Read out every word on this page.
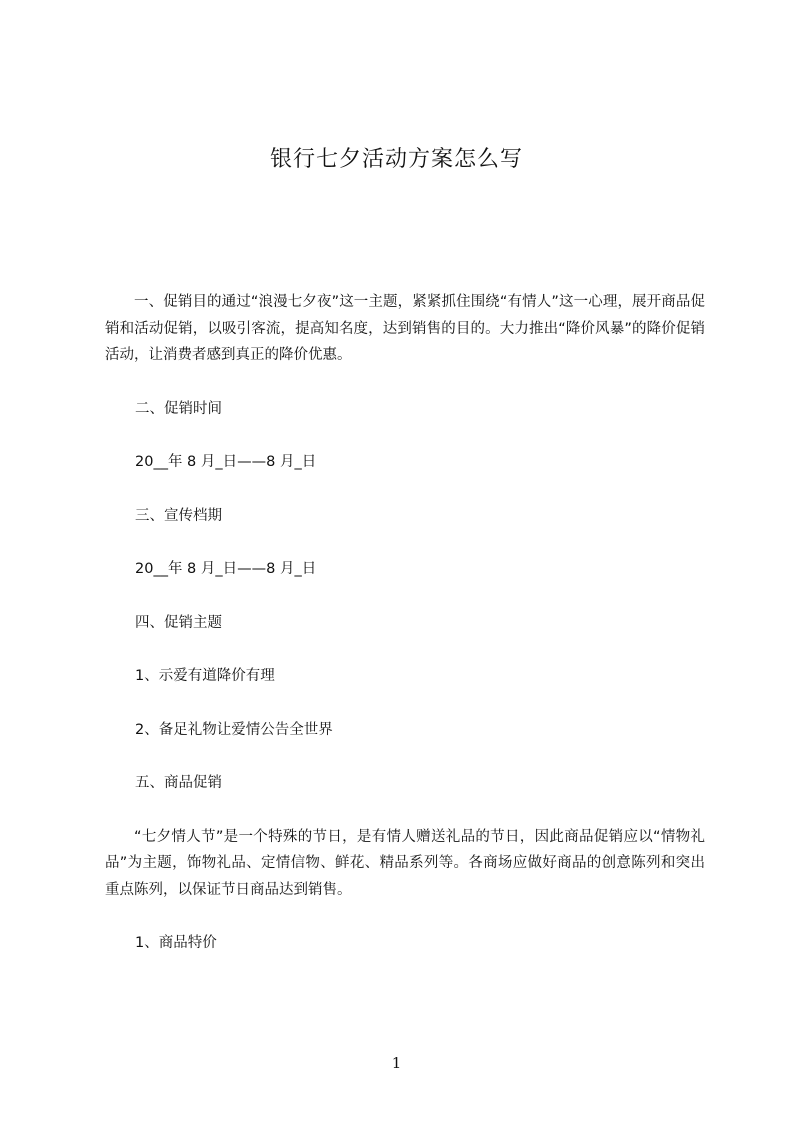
银行七夕活动方案怎么写

一、促销目的通过“浪漫七夕夜”这一主题，紧紧抓住围绕“有情人”这一心理，展开商品促销和活动促销，以吸引客流，提高知名度，达到销售的目的。大力推出“降价风暴”的降价促销活动，让消费者感到真正的降价优惠。

二、促销时间

20__年 8 月_日——8 月_日

三、宣传档期

20__年 8 月_日——8 月_日

四、促销主题

1、示爱有道降价有理

2、备足礼物让爱情公告全世界

五、商品促销

“七夕情人节”是一个特殊的节日，是有情人赠送礼品的节日，因此商品促销应以“情物礼品”为主题，饰物礼品、定情信物、鲜花、精品系列等。各商场应做好商品的创意陈列和突出重点陈列，以保证节日商品达到销售。

1、商品特价

1
